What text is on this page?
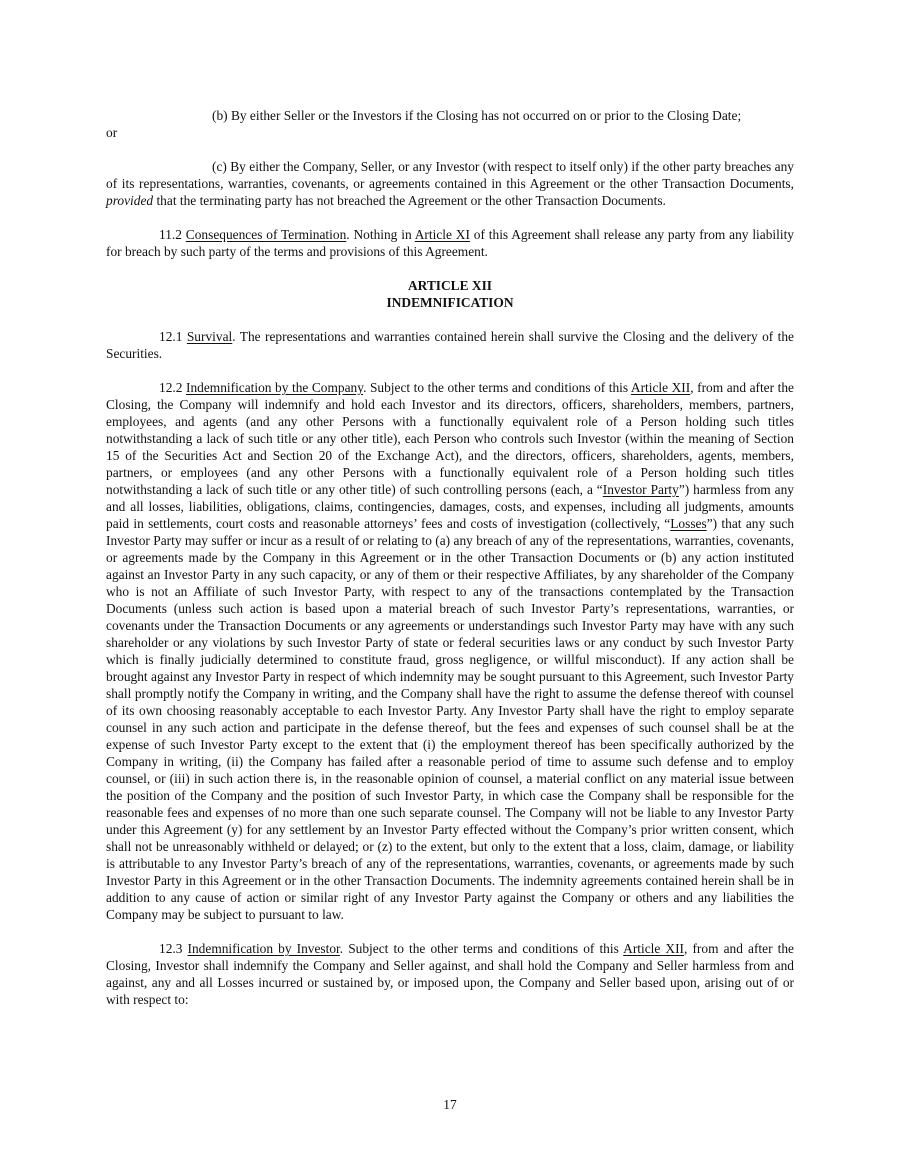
(b) By either Seller or the Investors if the Closing has not occurred on or prior to the Closing Date;

or

(c) By either the Company, Seller, or any Investor (with respect to itself only) if the other party breaches any of its representations, warranties, covenants, or agreements contained in this Agreement or the other Transaction Documents, provided that the terminating party has not breached the Agreement or the other Transaction Documents.

11.2 Consequences of Termination. Nothing in Article XI of this Agreement shall release any party from any liability for breach by such party of the terms and provisions of this Agreement.

ARTICLE XII

INDEMNIFICATION

12.1 Survival. The representations and warranties contained herein shall survive the Closing and the delivery of the Securities.

12.2 Indemnification by the Company. Subject to the other terms and conditions of this Article XII, from and after the Closing, the Company will indemnify and hold each Investor and its directors, officers, shareholders, members, partners, employees, and agents (and any other Persons with a functionally equivalent role of a Person holding such titles notwithstanding a lack of such title or any other title), each Person who controls such Investor (within the meaning of Section 15 of the Securities Act and Section 20 of the Exchange Act), and the directors, officers, shareholders, agents, members, partners, or employees (and any other Persons with a functionally equivalent role of a Person holding such titles notwithstanding a lack of such title or any other title) of such controlling persons (each, a “Investor Party”) harmless from any and all losses, liabilities, obligations, claims, contingencies, damages, costs, and expenses, including all judgments, amounts paid in settlements, court costs and reasonable attorneys’ fees and costs of investigation (collectively, “Losses”) that any such Investor Party may suffer or incur as a result of or relating to (a) any breach of any of the representations, warranties, covenants, or agreements made by the Company in this Agreement or in the other Transaction Documents or (b) any action instituted against an Investor Party in any such capacity, or any of them or their respective Affiliates, by any shareholder of the Company who is not an Affiliate of such Investor Party, with respect to any of the transactions contemplated by the Transaction Documents (unless such action is based upon a material breach of such Investor Party’s representations, warranties, or covenants under the Transaction Documents or any agreements or understandings such Investor Party may have with any such shareholder or any violations by such Investor Party of state or federal securities laws or any conduct by such Investor Party which is finally judicially determined to constitute fraud, gross negligence, or willful misconduct). If any action shall be brought against any Investor Party in respect of which indemnity may be sought pursuant to this Agreement, such Investor Party shall promptly notify the Company in writing, and the Company shall have the right to assume the defense thereof with counsel of its own choosing reasonably acceptable to each Investor Party. Any Investor Party shall have the right to employ separate counsel in any such action and participate in the defense thereof, but the fees and expenses of such counsel shall be at the expense of such Investor Party except to the extent that (i) the employment thereof has been specifically authorized by the Company in writing, (ii) the Company has failed after a reasonable period of time to assume such defense and to employ counsel, or (iii) in such action there is, in the reasonable opinion of counsel, a material conflict on any material issue between the position of the Company and the position of such Investor Party, in which case the Company shall be responsible for the reasonable fees and expenses of no more than one such separate counsel. The Company will not be liable to any Investor Party under this Agreement (y) for any settlement by an Investor Party effected without the Company’s prior written consent, which shall not be unreasonably withheld or delayed; or (z) to the extent, but only to the extent that a loss, claim, damage, or liability is attributable to any Investor Party’s breach of any of the representations, warranties, covenants, or agreements made by such Investor Party in this Agreement or in the other Transaction Documents. The indemnity agreements contained herein shall be in addition to any cause of action or similar right of any Investor Party against the Company or others and any liabilities the Company may be subject to pursuant to law.

12.3 Indemnification by Investor. Subject to the other terms and conditions of this Article XII, from and after the Closing, Investor shall indemnify the Company and Seller against, and shall hold the Company and Seller harmless from and against, any and all Losses incurred or sustained by, or imposed upon, the Company and Seller based upon, arising out of or with respect to:

17
